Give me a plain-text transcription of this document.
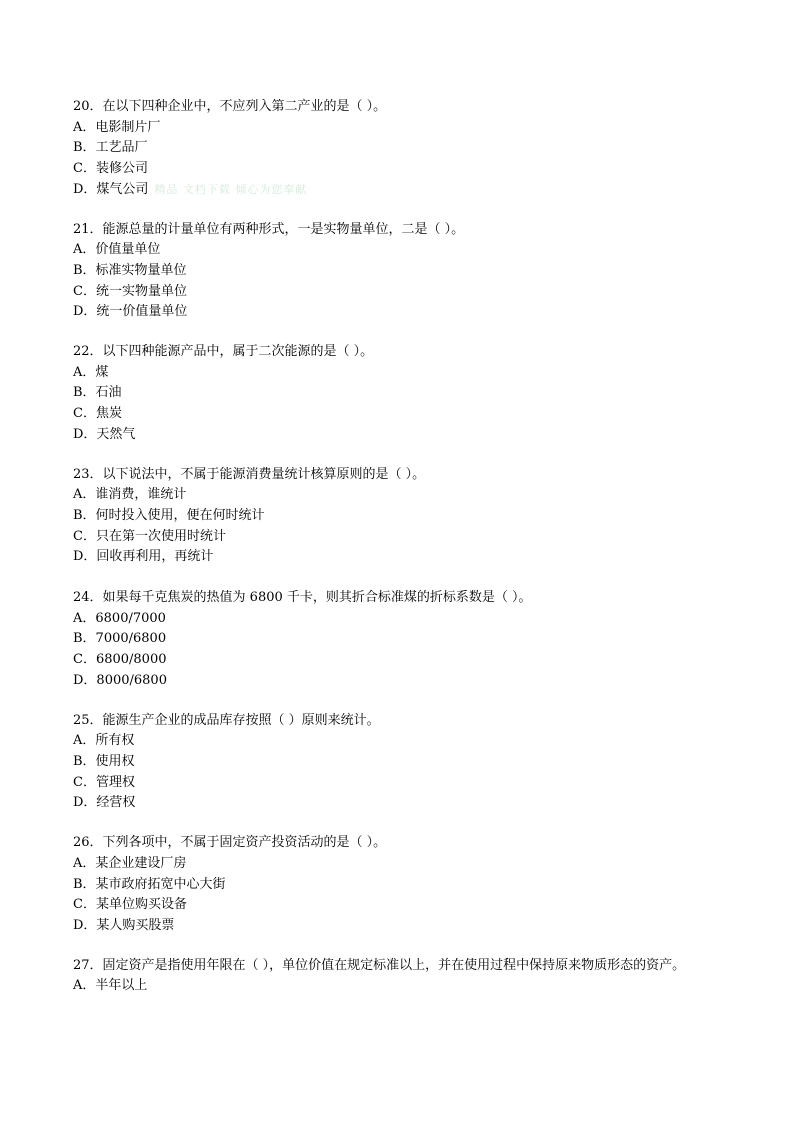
20．在以下四种企业中，不应列入第二产业的是（ ）。
A．电影制片厂
B．工艺品厂
C．装修公司
D．煤气公司 精品 文档下载 倾心为您奉献
21．能源总量的计量单位有两种形式，一是实物量单位，二是（ ）。
A．价值量单位
B．标准实物量单位
C．统一实物量单位
D．统一价值量单位
22．以下四种能源产品中，属于二次能源的是（ ）。
A．煤
B．石油
C．焦炭
D．天然气
23．以下说法中，不属于能源消费量统计核算原则的是（ ）。
A．谁消费，谁统计
B．何时投入使用，便在何时统计
C．只在第一次使用时统计
D．回收再利用，再统计
24．如果每千克焦炭的热值为 6800 千卡，则其折合标准煤的折标系数是（ ）。
A．6800/7000
B．7000/6800
C．6800/8000
D．8000/6800
25．能源生产企业的成品库存按照（ ）原则来统计。
A．所有权
B．使用权
C．管理权
D．经营权
26．下列各项中，不属于固定资产投资活动的是（ ）。
A．某企业建设厂房
B．某市政府拓宽中心大街
C．某单位购买设备
D．某人购买股票
27．固定资产是指使用年限在（ ），单位价值在规定标准以上，并在使用过程中保持原来物质形态的资产。
A．半年以上
